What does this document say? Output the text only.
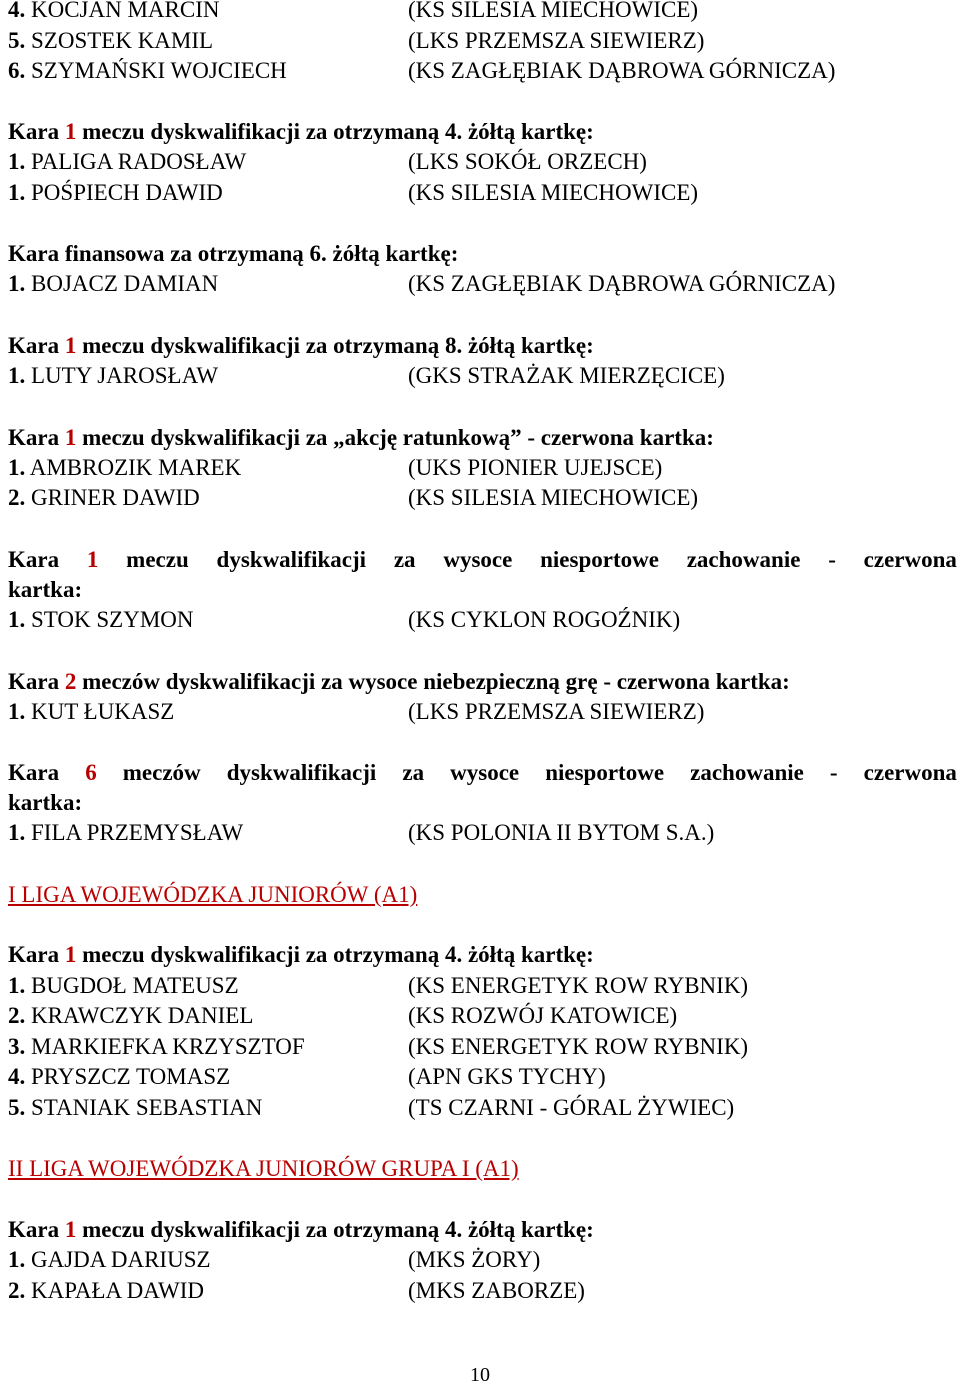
4. KOCJAN MARCIN	(KS SILESIA MIECHOWICE)
5. SZOSTEK KAMIL	(LKS PRZEMSZA SIEWIERZ)
6. SZYMAŃSKI WOJCIECH	(KS ZAGŁĘBIAK DĄBROWA GÓRNICZA)
Kara 1 meczu dyskwalifikacji za otrzymaną 4. żółtą kartkę:
1. PALIGA RADOSŁAW	(LKS SOKÓŁ ORZECH)
1. POŚPIECH DAWID	(KS SILESIA MIECHOWICE)
Kara finansowa za otrzymaną 6. żółtą kartkę:
1. BOJACZ DAMIAN	(KS ZAGŁĘBIAK DĄBROWA GÓRNICZA)
Kara 1 meczu dyskwalifikacji za otrzymaną 8. żółtą kartkę:
1. LUTY JAROSŁAW	(GKS STRAŻAK MIERZĘCICE)
Kara 1 meczu dyskwalifikacji za „akcję ratunkową” - czerwona kartka:
1. AMBROZIK MAREK	(UKS PIONIER UJEJSCE)
2. GRINER DAWID	(KS SILESIA MIECHOWICE)
Kara 1 meczu dyskwalifikacji za wysoce niesportowe zachowanie - czerwona
kartka:
1. STOK SZYMON	(KS CYKLON ROGOŹNIK)
Kara 2 meczów dyskwalifikacji za wysoce niebezpieczną grę - czerwona kartka:
1. KUT ŁUKASZ	(LKS PRZEMSZA SIEWIERZ)
Kara 6 meczów dyskwalifikacji za wysoce niesportowe zachowanie - czerwona
kartka:
1. FILA PRZEMYSŁAW	(KS POLONIA II BYTOM S.A.)
I LIGA WOJEWÓDZKA JUNIORÓW (A1)
Kara 1 meczu dyskwalifikacji za otrzymaną 4. żółtą kartkę:
1. BUGDOŁ MATEUSZ	(KS ENERGETYK ROW RYBNIK)
2. KRAWCZYK DANIEL	(KS ROZWÓJ KATOWICE)
3. MARKIEFKA KRZYSZTOF	(KS ENERGETYK ROW RYBNIK)
4. PRYSZCZ TOMASZ	(APN GKS TYCHY)
5. STANIAK SEBASTIAN	(TS CZARNI - GÓRAL ŻYWIEC)
II LIGA WOJEWÓDZKA JUNIORÓW GRUPA I (A1)
Kara 1 meczu dyskwalifikacji za otrzymaną 4. żółtą kartkę:
1. GAJDA DARIUSZ	(MKS ŻORY)
2. KAPAŁA DAWID	(MKS ZABORZE)
10
